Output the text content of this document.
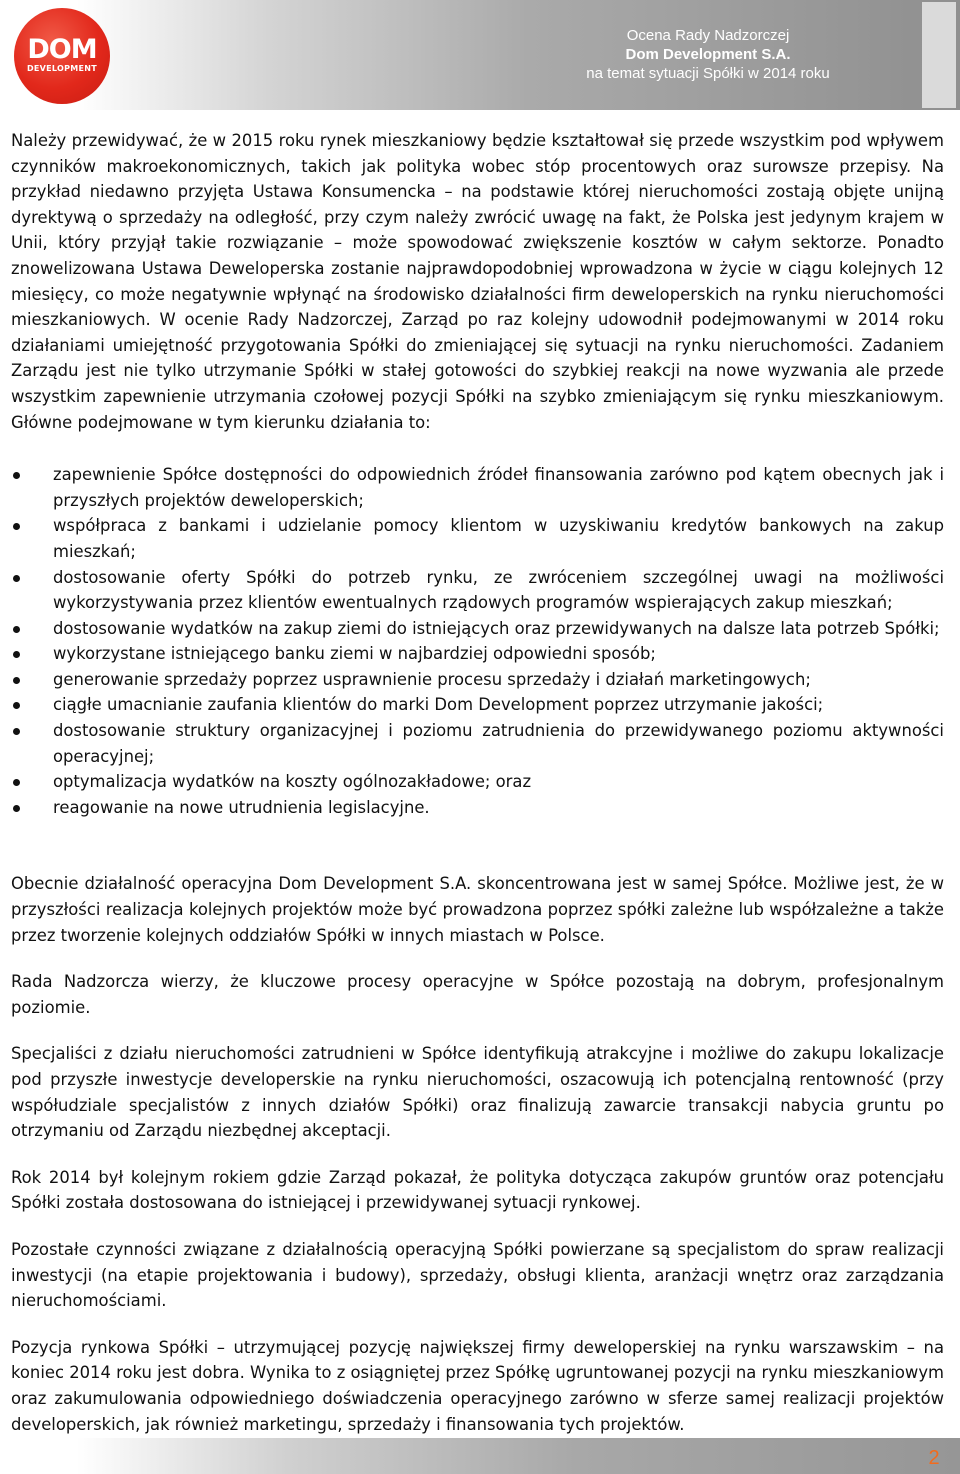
DOM
DEVELOPMENT
Ocena Rady Nadzorczej
Dom Development S.A.
na temat sytuacji Spółki w 2014 roku

Należy przewidywać, że w 2015 roku rynek mieszkaniowy będzie kształtował się przede wszystkim pod wpływem czynników makroekonomicznych, takich jak polityka wobec stóp procentowych oraz surowsze przepisy. Na przykład niedawno przyjęta Ustawa Konsumencka – na podstawie której nieruchomości zostają objęte unijną dyrektywą o sprzedaży na odległość, przy czym należy zwrócić uwagę na fakt, że Polska jest jedynym krajem w Unii, który przyjął takie rozwiązanie – może spowodować zwiększenie kosztów w całym sektorze. Ponadto znowelizowana Ustawa Deweloperska zostanie najprawdopodobniej wprowadzona w życie w ciągu kolejnych 12 miesięcy, co może negatywnie wpłynąć na środowisko działalności firm deweloperskich na rynku nieruchomości mieszkaniowych. W ocenie Rady Nadzorczej, Zarząd po raz kolejny udowodnił podejmowanymi w 2014 roku działaniami umiejętność przygotowania Spółki do zmieniającej się sytuacji na rynku nieruchomości. Zadaniem Zarządu jest nie tylko utrzymanie Spółki w stałej gotowości do szybkiej reakcji na nowe wyzwania ale przede wszystkim zapewnienie utrzymania czołowej pozycji Spółki na szybko zmieniającym się rynku mieszkaniowym. Główne podejmowane w tym kierunku działania to:

zapewnienie Spółce dostępności do odpowiednich źródeł finansowania zarówno pod kątem obecnych jak i przyszłych projektów deweloperskich;
współpraca z bankami i udzielanie pomocy klientom w uzyskiwaniu kredytów bankowych na zakup mieszkań;
dostosowanie oferty Spółki do potrzeb rynku, ze zwróceniem szczególnej uwagi na możliwości wykorzystywania przez klientów ewentualnych rządowych programów wspierających zakup mieszkań;
dostosowanie wydatków na zakup ziemi do istniejących oraz przewidywanych na dalsze lata potrzeb Spółki;
wykorzystane istniejącego banku ziemi w najbardziej odpowiedni sposób;
generowanie sprzedaży poprzez usprawnienie procesu sprzedaży i działań marketingowych;
ciągłe umacnianie zaufania klientów do marki Dom Development poprzez utrzymanie jakości;
dostosowanie struktury organizacyjnej i poziomu zatrudnienia do przewidywanego poziomu aktywności operacyjnej;
optymalizacja wydatków na koszty ogólnozakładowe; oraz
reagowanie na nowe utrudnienia legislacyjne.

Obecnie działalność operacyjna Dom Development S.A. skoncentrowana jest w samej Spółce. Możliwe jest, że w przyszłości realizacja kolejnych projektów może być prowadzona poprzez spółki zależne lub współzależne a także przez tworzenie kolejnych oddziałów Spółki w innych miastach w Polsce.

Rada Nadzorcza wierzy, że kluczowe procesy operacyjne w Spółce pozostają na dobrym, profesjonalnym poziomie.

Specjaliści z działu nieruchomości zatrudnieni w Spółce identyfikują atrakcyjne i możliwe do zakupu lokalizacje pod przyszłe inwestycje developerskie na rynku nieruchomości, oszacowują ich potencjalną rentowność (przy współudziale specjalistów z innych działów Spółki) oraz finalizują zawarcie transakcji nabycia gruntu po otrzymaniu od Zarządu niezbędnej akceptacji.

Rok 2014 był kolejnym rokiem gdzie Zarząd pokazał, że polityka dotycząca zakupów gruntów oraz potencjału Spółki została dostosowana do istniejącej i przewidywanej sytuacji rynkowej.

Pozostałe czynności związane z działalnością operacyjną Spółki powierzane są specjalistom do spraw realizacji inwestycji (na etapie projektowania i budowy), sprzedaży, obsługi klienta, aranżacji wnętrz oraz zarządzania nieruchomościami.

Pozycja rynkowa Spółki – utrzymującej pozycję największej firmy deweloperskiej na rynku warszawskim – na koniec 2014 roku jest dobra. Wynika to z osiągniętej przez Spółkę ugruntowanej pozycji na rynku mieszkaniowym oraz zakumulowania odpowiedniego doświadczenia operacyjnego zarówno w sferze samej realizacji projektów developerskich, jak również marketingu, sprzedaży i finansowania tych projektów.

2
